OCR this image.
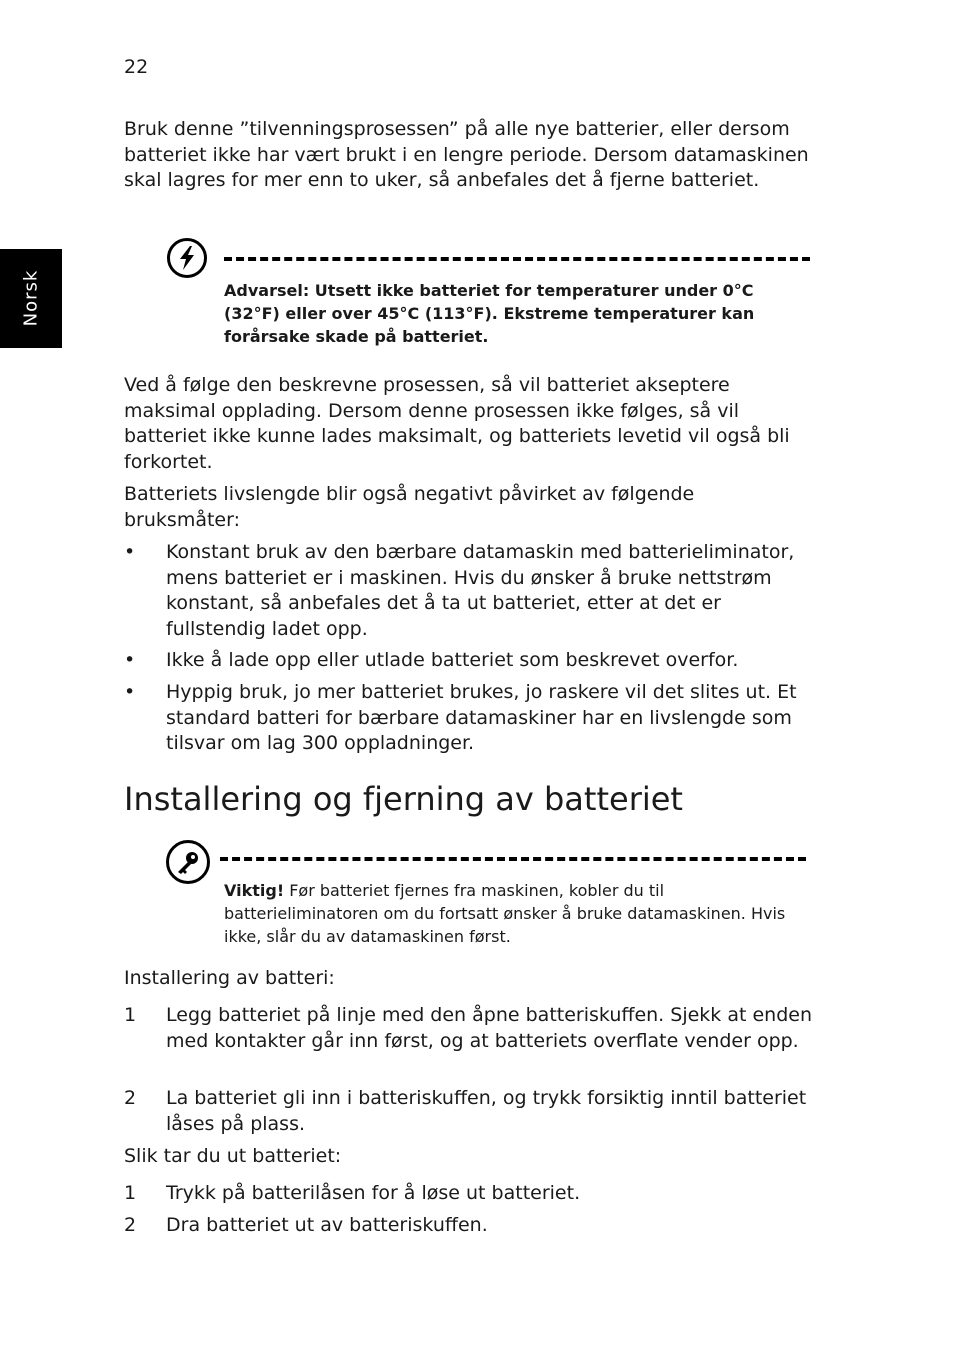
22
Norsk

Bruk denne ”tilvenningsprosessen” på alle nye batterier, eller dersom batteriet ikke har vært brukt i en lengre periode. Dersom datamaskinen skal lagres for mer enn to uker, så anbefales det å fjerne batteriet.

Advarsel: Utsett ikke batteriet for temperaturer under 0°C (32°F) eller over 45°C (113°F). Ekstreme temperaturer kan forårsake skade på batteriet.

Ved å følge den beskrevne prosessen, så vil batteriet akseptere maksimal opplading. Dersom denne prosessen ikke følges, så vil batteriet ikke kunne lades maksimalt, og batteriets levetid vil også bli forkortet.

Batteriets livslengde blir også negativt påvirket av følgende bruksmåter:

• Konstant bruk av den bærbare datamaskin med batterieliminator, mens batteriet er i maskinen. Hvis du ønsker å bruke nettstrøm konstant, så anbefales det å ta ut batteriet, etter at det er fullstendig ladet opp.
• Ikke å lade opp eller utlade batteriet som beskrevet overfor.
• Hyppig bruk, jo mer batteriet brukes, jo raskere vil det slites ut. Et standard batteri for bærbare datamaskiner har en livslengde som tilsvar om lag 300 oppladninger.
Installering og fjerning av batteriet

Viktig! Før batteriet fjernes fra maskinen, kobler du til batterieliminatoren om du fortsatt ønsker å bruke datamaskinen. Hvis ikke, slår du av datamaskinen først.

Installering av batteri:

1 Legg batteriet på linje med den åpne batteriskuffen. Sjekk at enden med kontakter går inn først, og at batteriets overflate vender opp.
2 La batteriet gli inn i batteriskuffen, og trykk forsiktig inntil batteriet låses på plass.

Slik tar du ut batteriet:

1 Trykk på batterilåsen for å løse ut batteriet.
2 Dra batteriet ut av batteriskuffen.
